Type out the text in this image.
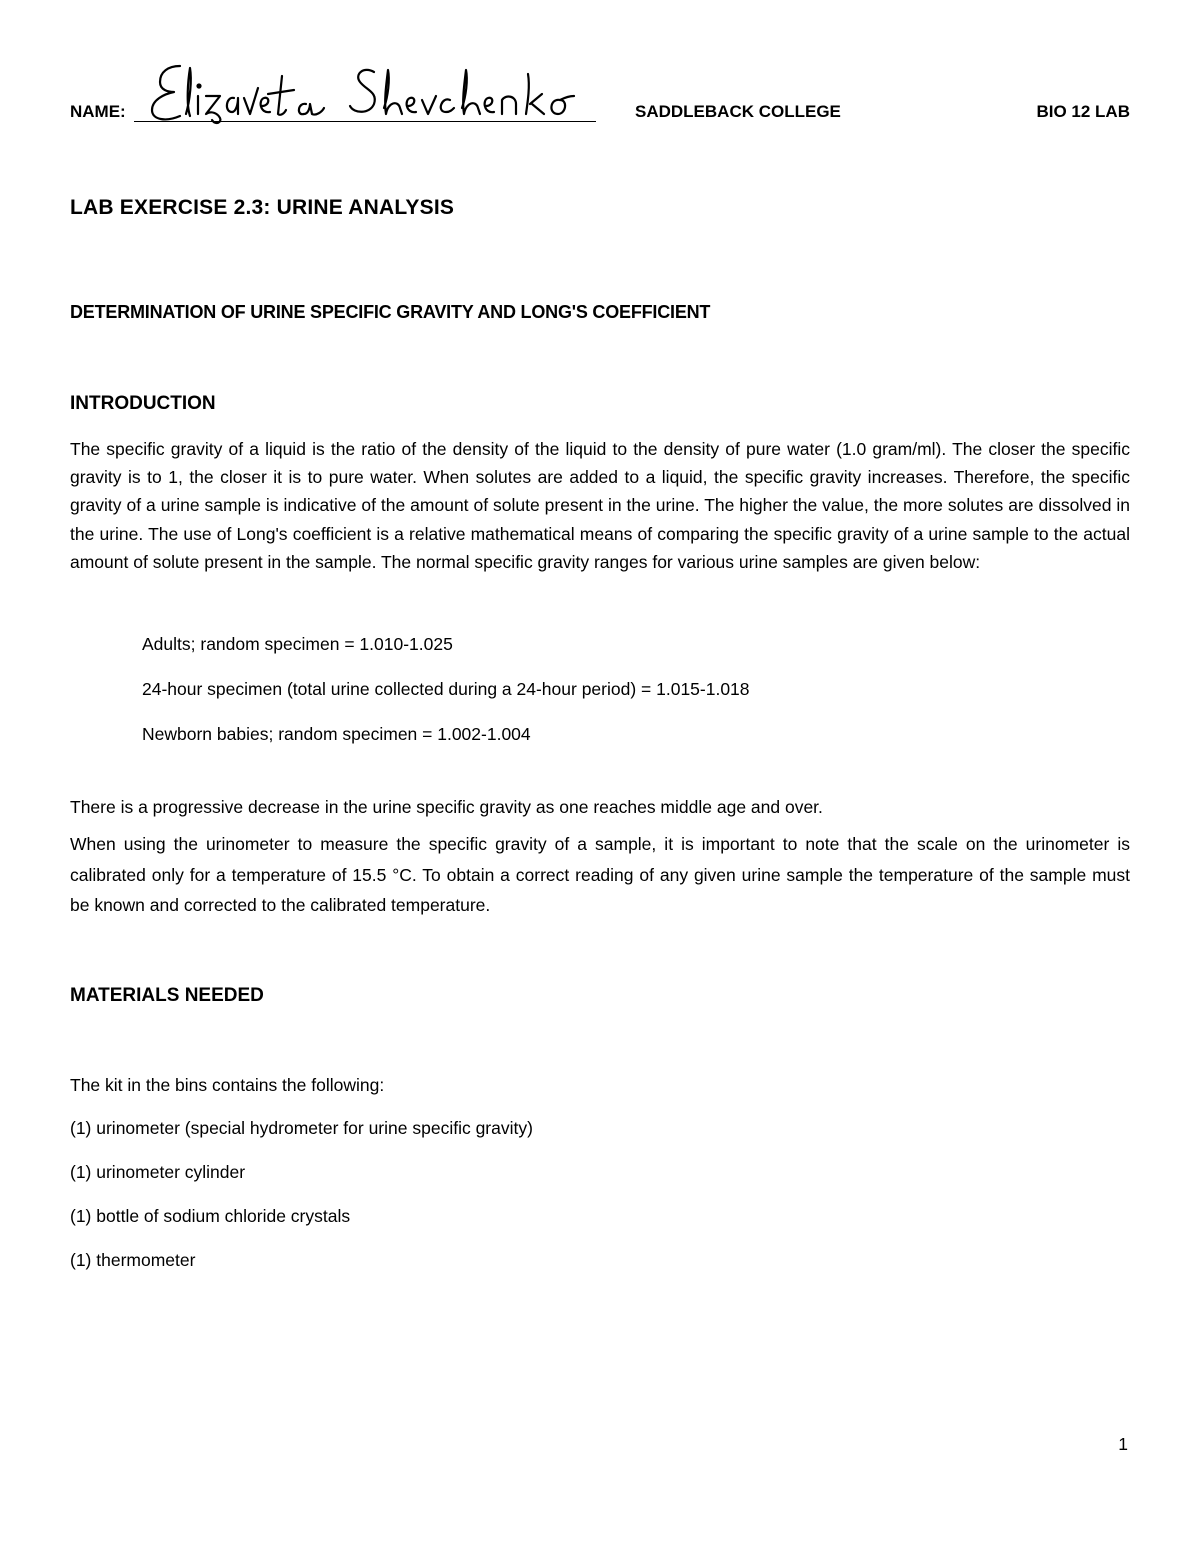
NAME:	SADDLEBACK COLLEGE	BIO 12 LAB
LAB EXERCISE 2.3: URINE ANALYSIS
DETERMINATION OF URINE SPECIFIC GRAVITY AND LONG'S COEFFICIENT
INTRODUCTION

The specific gravity of a liquid is the ratio of the density of the liquid to the density of pure water (1.0 gram/ml). The closer the specific gravity is to 1, the closer it is to pure water. When solutes are added to a liquid, the specific gravity increases. Therefore, the specific gravity of a urine sample is indicative of the amount of solute present in the urine. The higher the value, the more solutes are dissolved in the urine. The use of Long's coefficient is a relative mathematical means of comparing the specific gravity of a urine sample to the actual amount of solute present in the sample. The normal specific gravity ranges for various urine samples are given below:

Adults; random specimen = 1.010-1.025
24-hour specimen (total urine collected during a 24-hour period) = 1.015-1.018
Newborn babies; random specimen = 1.002-1.004

There is a progressive decrease in the urine specific gravity as one reaches middle age and over.

When using the urinometer to measure the specific gravity of a sample, it is important to note that the scale on the urinometer is calibrated only for a temperature of 15.5 °C. To obtain a correct reading of any given urine sample the temperature of the sample must be known and corrected to the calibrated temperature.

MATERIALS NEEDED

The kit in the bins contains the following:

(1) urinometer (special hydrometer for urine specific gravity)
(1) urinometer cylinder
(1) bottle of sodium chloride crystals
(1) thermometer
1
